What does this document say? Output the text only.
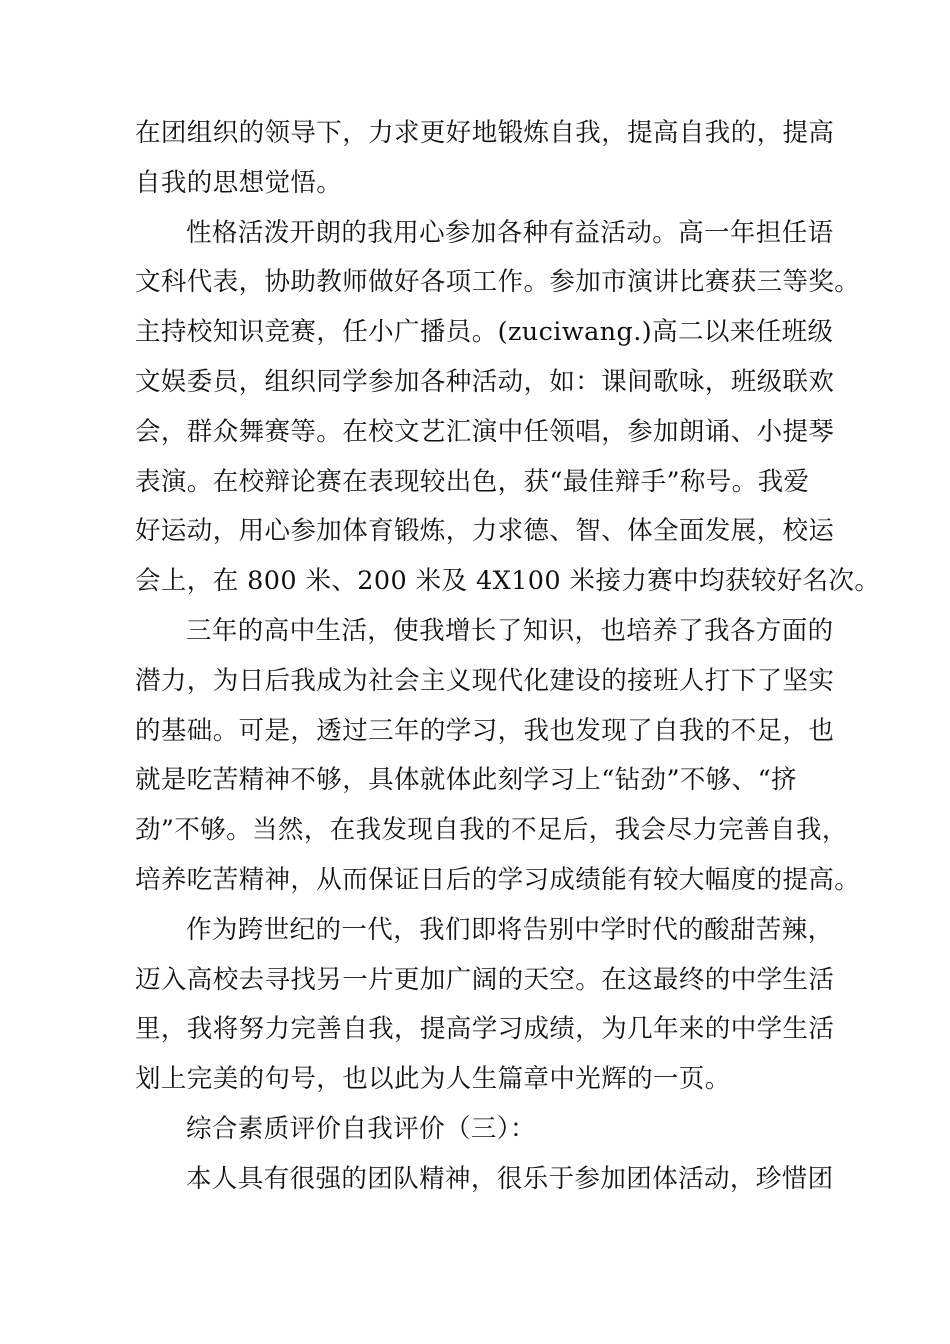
在团组织的领导下，力求更好地锻炼自我，提高自我的，提高
自我的思想觉悟。

性格活泼开朗的我用心参加各种有益活动。高一年担任语
文科代表，协助教师做好各项工作。参加市演讲比赛获三等奖。
主持校知识竞赛，任小广播员。(zuciwang.)高二以来任班级
文娱委员，组织同学参加各种活动，如：课间歌咏，班级联欢
会，群众舞赛等。在校文艺汇演中任领唱，参加朗诵、小提琴
表演。在校辩论赛在表现较出色，获“最佳辩手”称号。我爱
好运动，用心参加体育锻炼，力求德、智、体全面发展，校运
会上，在 800 米、200 米及 4X100 米接力赛中均获较好名次。

三年的高中生活，使我增长了知识，也培养了我各方面的
潜力，为日后我成为社会主义现代化建设的接班人打下了坚实
的基础。可是，透过三年的学习，我也发现了自我的不足，也
就是吃苦精神不够，具体就体此刻学习上“钻劲”不够、“挤
劲”不够。当然，在我发现自我的不足后，我会尽力完善自我，
培养吃苦精神，从而保证日后的学习成绩能有较大幅度的提高。

作为跨世纪的一代，我们即将告别中学时代的酸甜苦辣，
迈入高校去寻找另一片更加广阔的天空。在这最终的中学生活
里，我将努力完善自我，提高学习成绩，为几年来的中学生活
划上完美的句号，也以此为人生篇章中光辉的一页。

综合素质评价自我评价（三）：

本人具有很强的团队精神，很乐于参加团体活动，珍惜团
